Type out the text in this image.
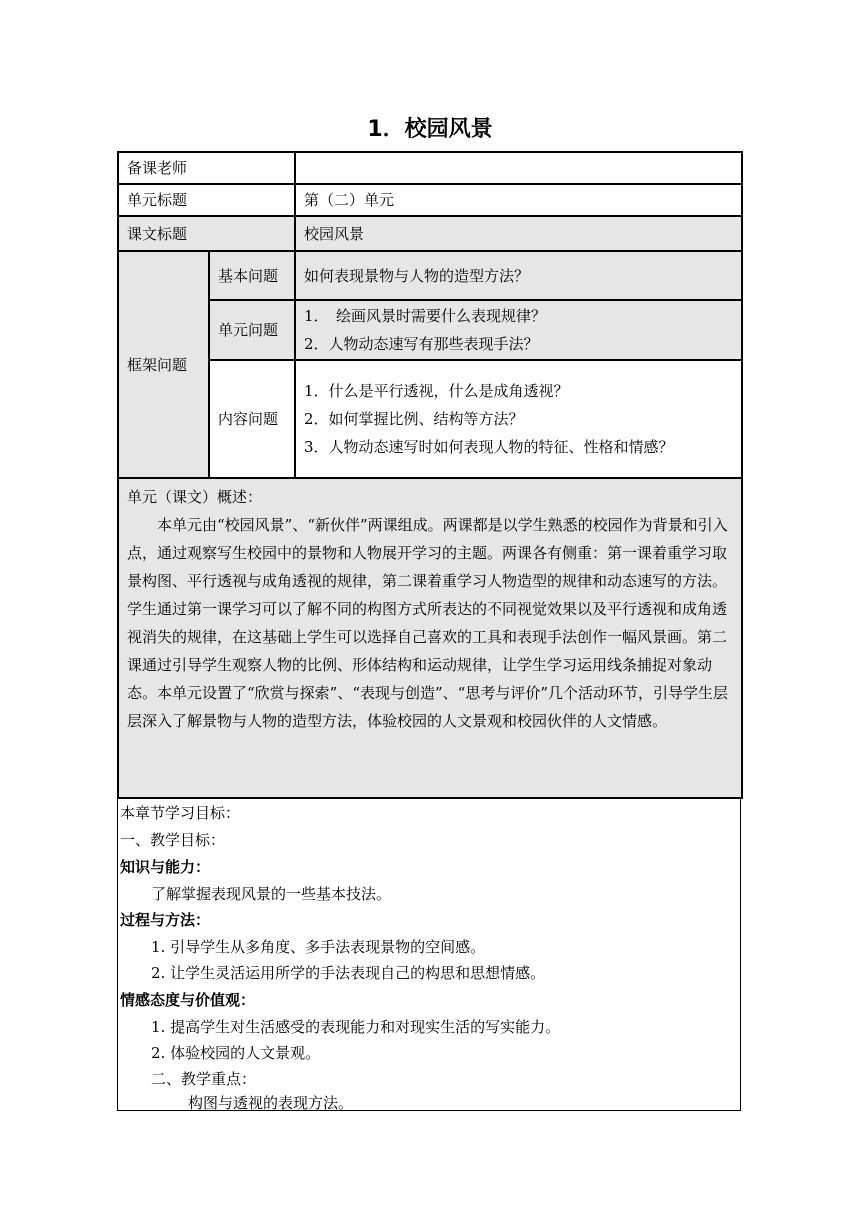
1．校园风景
备课老师		
单元标题		第（二）单元
课文标题		校园风景
框架问题	基本问题	如何表现景物与人物的造型方法？
	单元问题	1．　绘画风景时需要什么表现规律？
2．人物动态速写有那些表现手法？

	内容问题	1．什么是平行透视，什么是成角透视？
2．如何掌握比例、结构等方法？
3．人物动态速写时如何表现人物的特征、性格和情感？

单元（课文）概述：
本单元由“校园风景”、“新伙伴”两课组成。两课都是以学生熟悉的校园作为背景和引入点，通过观察写生校园中的景物和人物展开学习的主题。两课各有侧重：第一课着重学习取景构图、平行透视与成角透视的规律，第二课着重学习人物造型的规律和动态速写的方法。学生通过第一课学习可以了解不同的构图方式所表达的不同视觉效果以及平行透视和成角透视消失的规律，在这基础上学生可以选择自己喜欢的工具和表现手法创作一幅风景画。第二课通过引导学生观察人物的比例、形体结构和运动规律，让学生学习运用线条捕捉对象动态。本单元设置了“欣赏与探索”、“表现与创造”、“思考与评价”几个活动环节，引导学生层层深入了解景物与人物的造型方法，体验校园的人文景观和校园伙伴的人文情感。		
本章节学习目标：
一、教学目标：
知识与能力：
了解掌握表现风景的一些基本技法。
过程与方法：
1. 引导学生从多角度、多手法表现景物的空间感。
2. 让学生灵活运用所学的手法表现自己的构思和思想情感。
情感态度与价值观：
1. 提高学生对生活感受的表现能力和对现实生活的写实能力。
2. 体验校园的人文景观。
二、教学重点：
构图与透视的表现方法。
